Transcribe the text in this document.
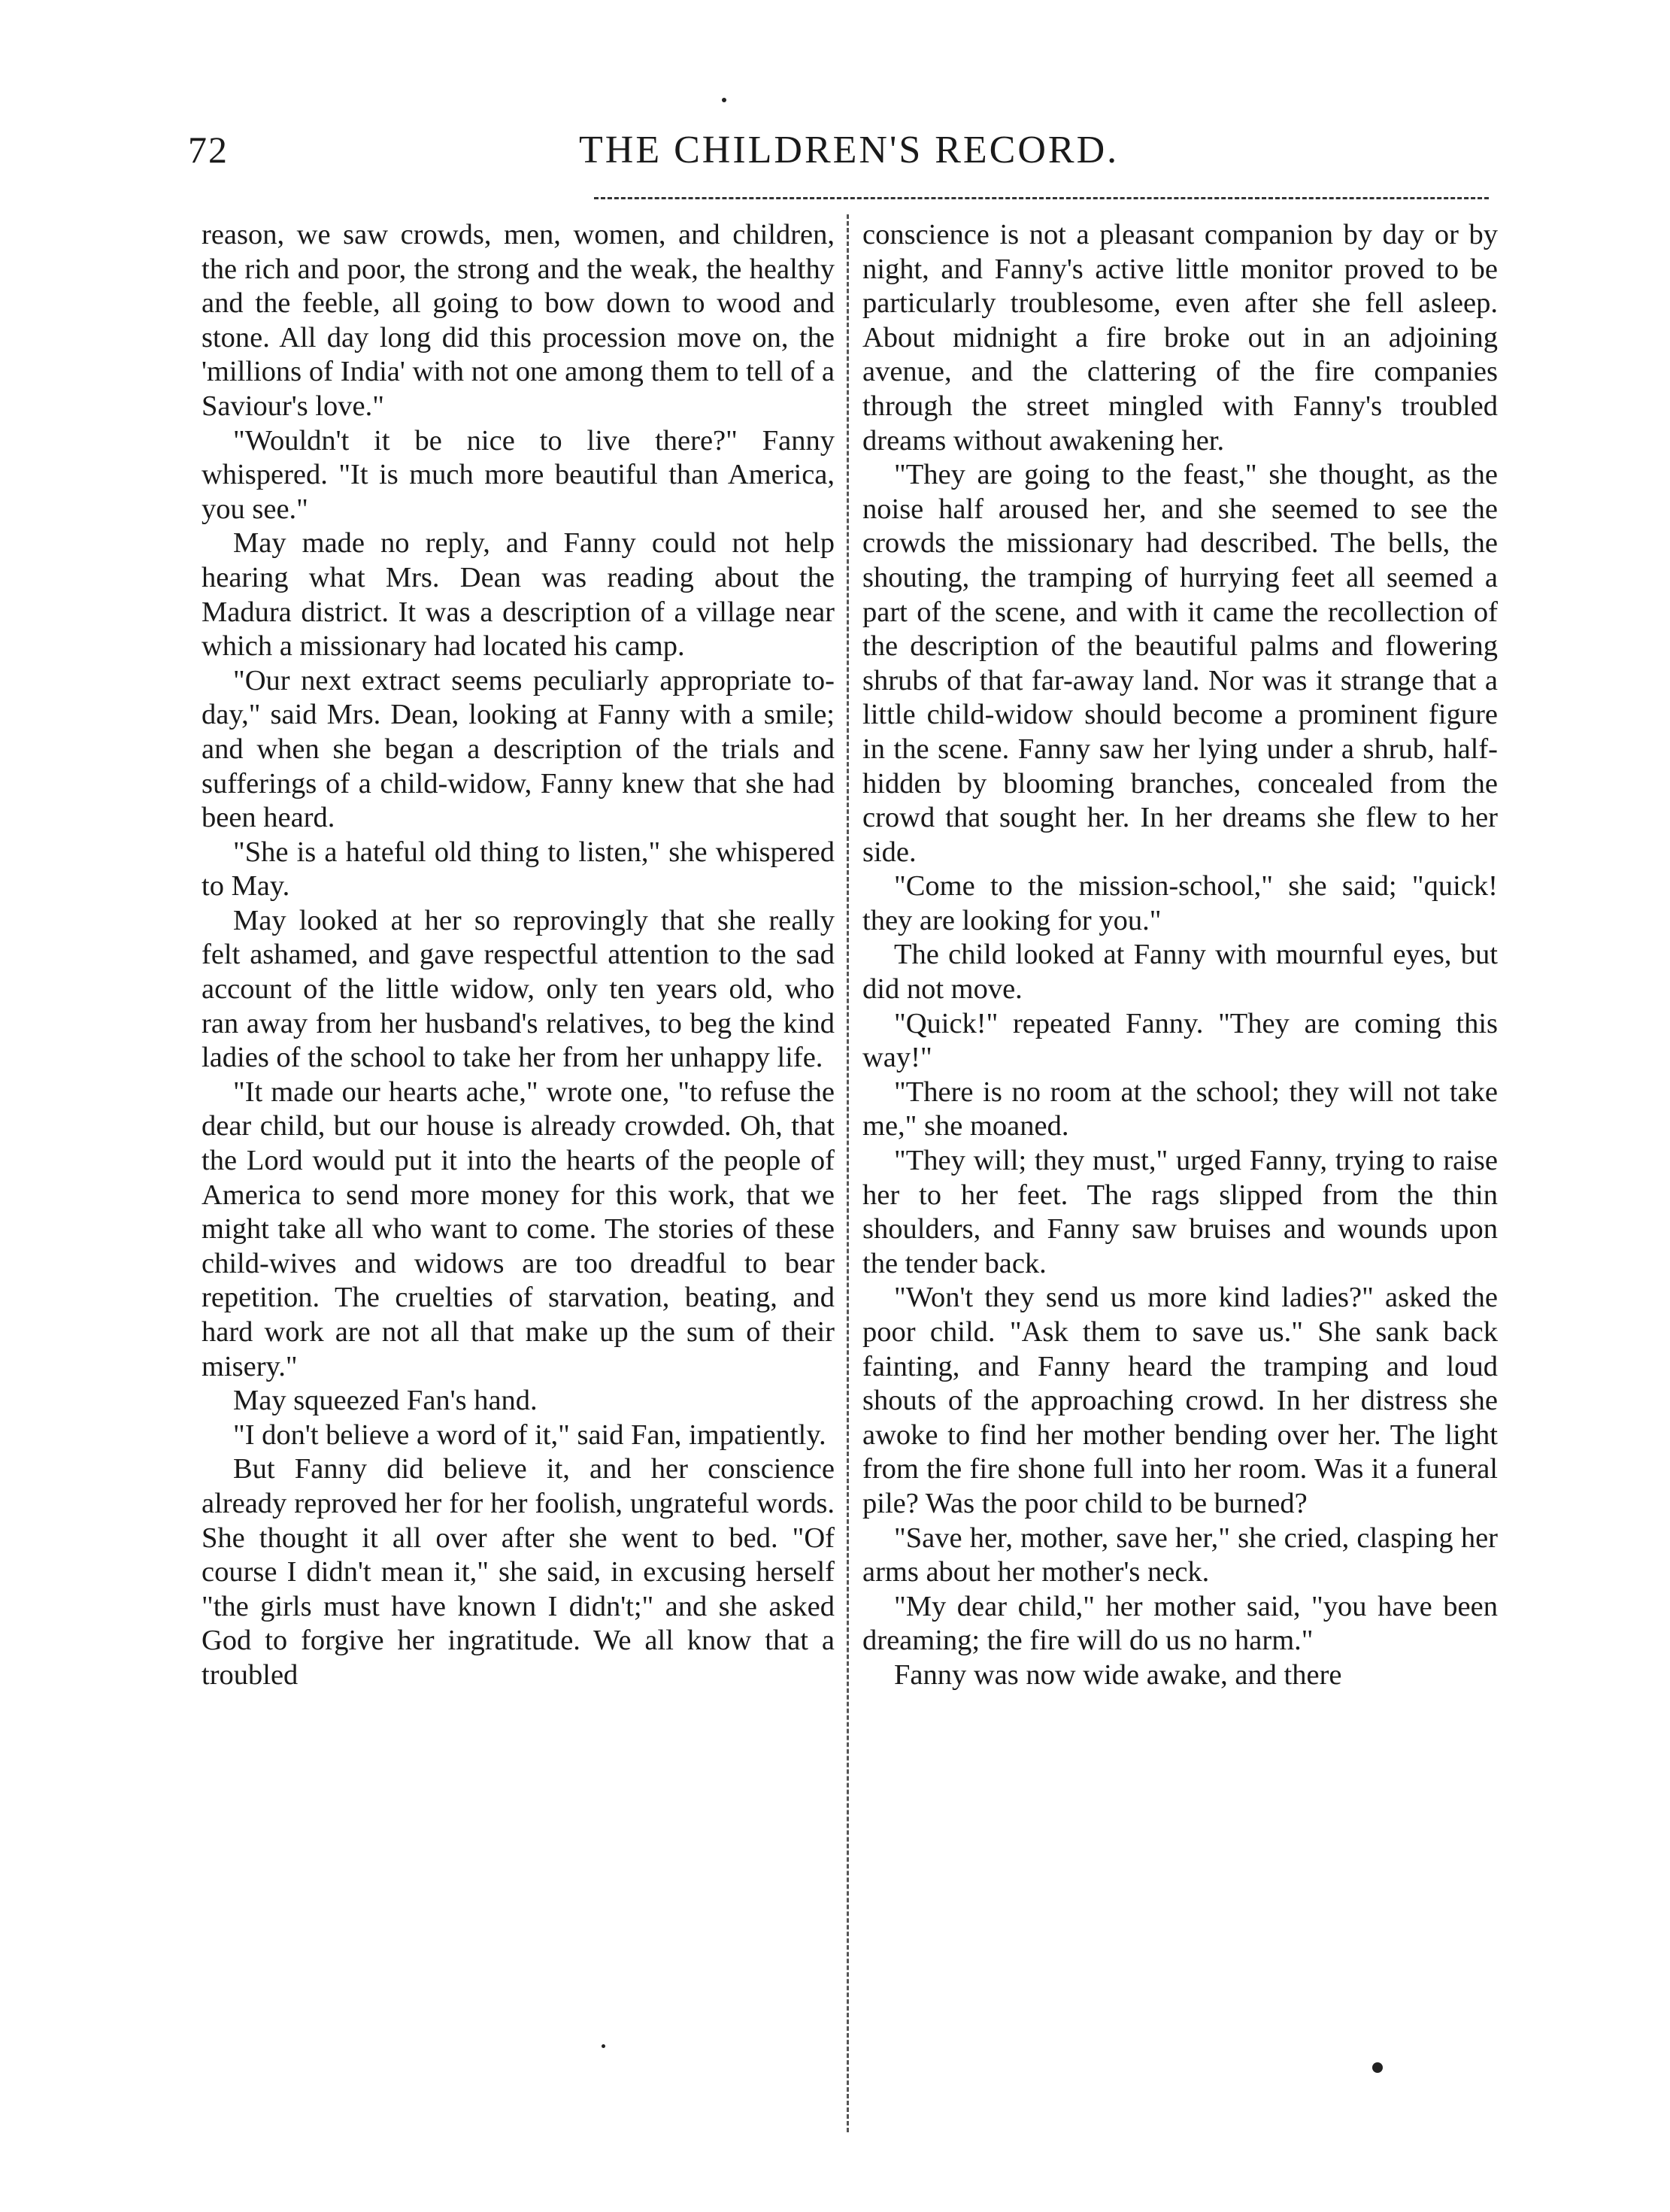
72	THE CHILDREN'S RECORD.

reason, we saw crowds, men, women, and children, the rich and poor, the strong and the weak, the healthy and the feeble, all going to bow down to wood and stone. All day long did this procession move on, the 'millions of India' with not one among them to tell of a Saviour's love."

"Wouldn't it be nice to live there?" Fanny whispered. "It is much more beautiful than America, you see."

May made no reply, and Fanny could not help hearing what Mrs. Dean was reading about the Madura district. It was a description of a village near which a missionary had located his camp.

"Our next extract seems peculiarly appropriate to-day," said Mrs. Dean, looking at Fanny with a smile; and when she began a description of the trials and sufferings of a child-widow, Fanny knew that she had been heard.

"She is a hateful old thing to listen," she whispered to May.

May looked at her so reprovingly that she really felt ashamed, and gave respectful attention to the sad account of the little widow, only ten years old, who ran away from her husband's relatives, to beg the kind ladies of the school to take her from her unhappy life.

"It made our hearts ache," wrote one, "to refuse the dear child, but our house is already crowded. Oh, that the Lord would put it into the hearts of the people of America to send more money for this work, that we might take all who want to come. The stories of these child-wives and widows are too dreadful to bear repetition. The cruelties of starvation, beating, and hard work are not all that make up the sum of their misery."

May squeezed Fan's hand.

"I don't believe a word of it," said Fan, impatiently.

But Fanny did believe it, and her conscience already reproved her for her foolish, ungrateful words. She thought it all over after she went to bed. "Of course I didn't mean it," she said, in excusing herself "the girls must have known I didn't;" and she asked God to forgive her ingratitude. We all know that a troubled

conscience is not a pleasant companion by day or by night, and Fanny's active little monitor proved to be particularly troublesome, even after she fell asleep. About midnight a fire broke out in an adjoining avenue, and the clattering of the fire companies through the street mingled with Fanny's troubled dreams without awakening her.

"They are going to the feast," she thought, as the noise half aroused her, and she seemed to see the crowds the missionary had described. The bells, the shouting, the tramping of hurrying feet all seemed a part of the scene, and with it came the recollection of the description of the beautiful palms and flowering shrubs of that far-away land. Nor was it strange that a little child-widow should become a prominent figure in the scene. Fanny saw her lying under a shrub, half-hidden by blooming branches, concealed from the crowd that sought her. In her dreams she flew to her side.

"Come to the mission-school," she said; "quick! they are looking for you."

The child looked at Fanny with mournful eyes, but did not move.

"Quick!" repeated Fanny. "They are coming this way!"

"There is no room at the school; they will not take me," she moaned.

"They will; they must," urged Fanny, trying to raise her to her feet. The rags slipped from the thin shoulders, and Fanny saw bruises and wounds upon the tender back.

"Won't they send us more kind ladies?" asked the poor child. "Ask them to save us." She sank back fainting, and Fanny heard the tramping and loud shouts of the approaching crowd. In her distress she awoke to find her mother bending over her. The light from the fire shone full into her room. Was it a funeral pile? Was the poor child to be burned?

"Save her, mother, save her," she cried, clasping her arms about her mother's neck.

"My dear child," her mother said, "you have been dreaming; the fire will do us no harm."

Fanny was now wide awake, and there
